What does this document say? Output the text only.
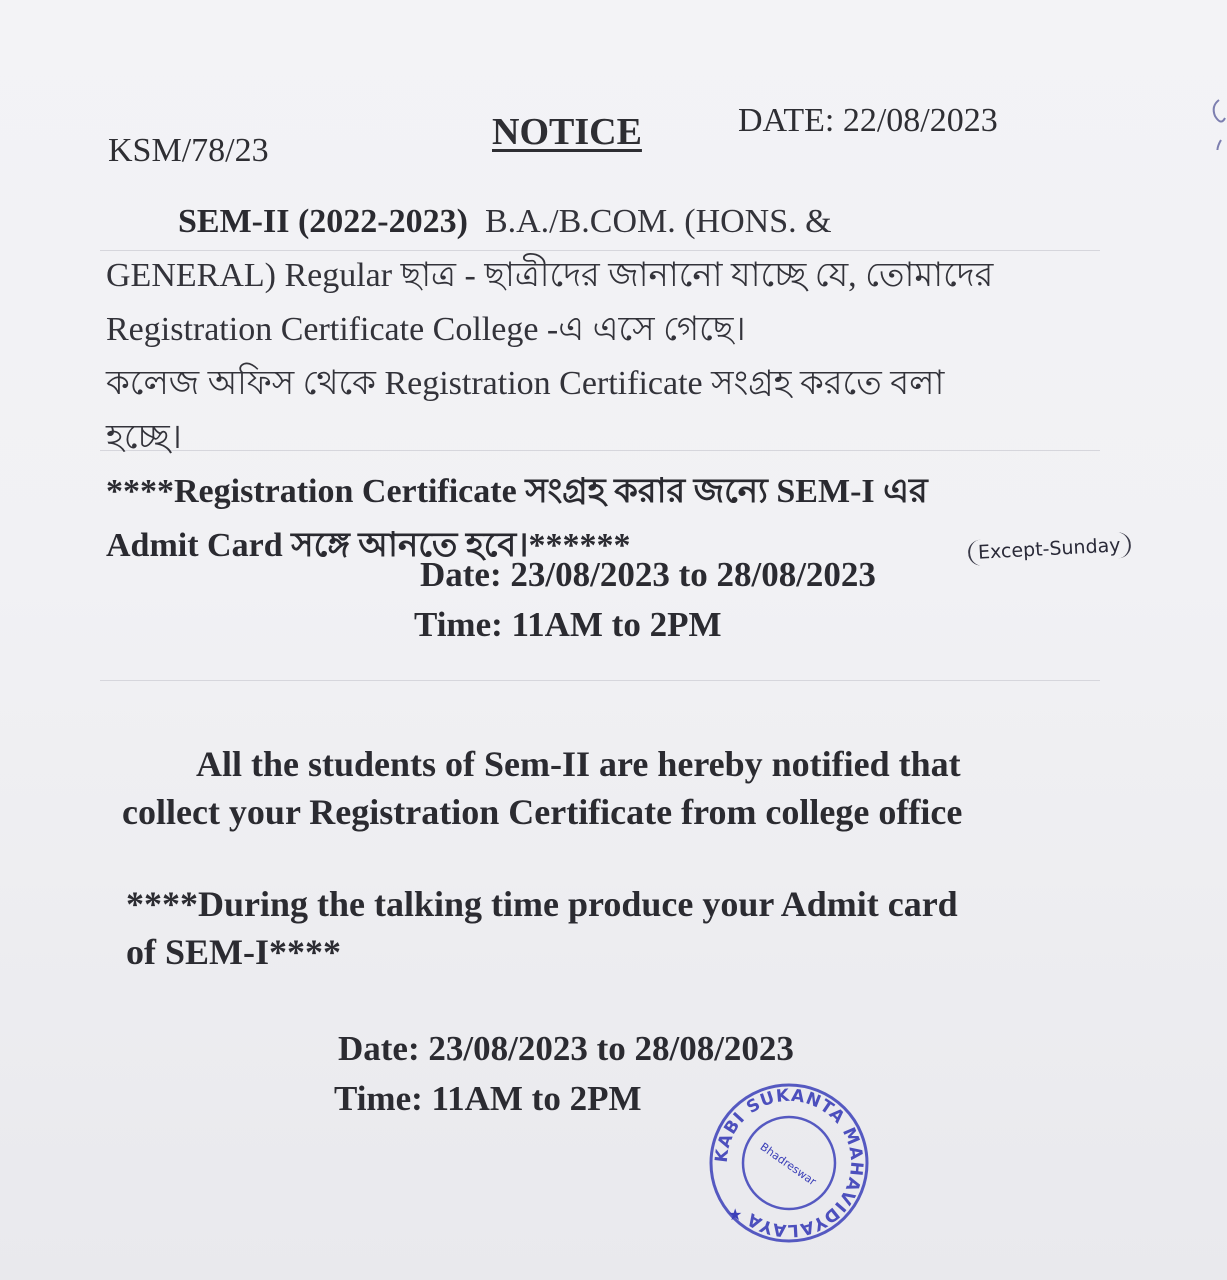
KSM/78/23	NOTICE	DATE: 22/08/2023
SEM-II (2022-2023) B.A./B.COM. (HONS. &
GENERAL) Regular ছাত্র - ছাত্রীদের জানানো যাচ্ছে যে, তোমাদের
Registration Certificate College -এ এসে গেছে।
কলেজ অফিস থেকে Registration Certificate সংগ্রহ করতে বলা
হচ্ছে।
****Registration Certificate সংগ্রহ করার জন্যে SEM-I এর
Admit Card সঙ্গে আনতে হবে।******
Date: 23/08/2023 to 28/08/2023
Time: 11AM to 2PM
Except-Sunday
All the students of Sem-II are hereby notified that
collect your Registration Certificate from college office
****During the talking time produce your Admit card
of SEM-I****
Date: 23/08/2023 to 28/08/2023
Time: 11AM to 2PM
KABI SUKANTA MAHAVIDYALAYA
Bhadreswar
★
